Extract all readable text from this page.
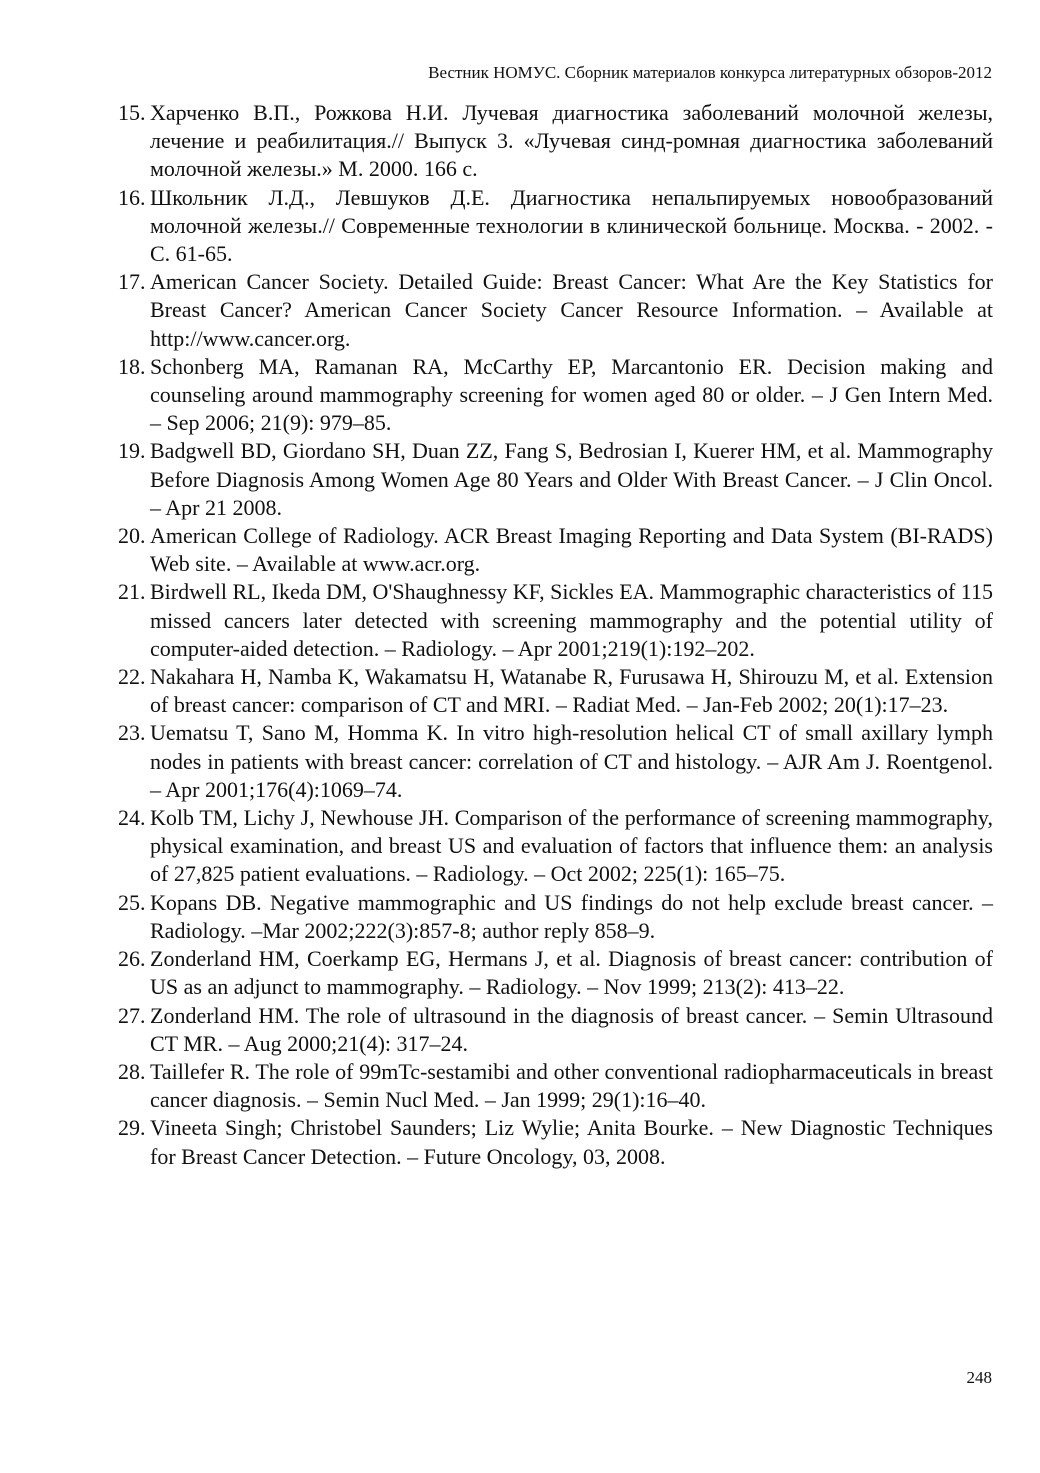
Вестник НОМУС. Сборник материалов конкурса литературных обзоров-2012
15. Харченко В.П., Рожкова Н.И. Лучевая диагностика заболеваний молочной железы, лечение и реабилитация.// Выпуск 3. «Лучевая синд-ромная диагностика заболеваний молочной железы.» М. 2000. 166 с.
16. Школьник Л.Д., Левшуков Д.Е. Диагностика непальпируемых новообразований молочной железы.// Современные технологии в клинической больнице. Москва. - 2002. - С. 61-65.
17. American Cancer Society. Detailed Guide: Breast Cancer: What Are the Key Statistics for Breast Cancer? American Cancer Society Cancer Resource Information. – Available at http://www.cancer.org.
18. Schonberg MA, Ramanan RA, McCarthy EP, Marcantonio ER. Decision making and counseling around mammography screening for women aged 80 or older. – J Gen Intern Med. – Sep 2006; 21(9): 979–85.
19. Badgwell BD, Giordano SH, Duan ZZ, Fang S, Bedrosian I, Kuerer HM, et al. Mammography Before Diagnosis Among Women Age 80 Years and Older With Breast Cancer. – J Clin Oncol. – Apr 21 2008.
20. American College of Radiology. ACR Breast Imaging Reporting and Data System (BI-RADS) Web site. – Available at www.acr.org.
21. Birdwell RL, Ikeda DM, O'Shaughnessy KF, Sickles EA. Mammographic characteristics of 115 missed cancers later detected with screening mammography and the potential utility of computer-aided detection. – Radiology. – Apr 2001;219(1):192–202.
22. Nakahara H, Namba K, Wakamatsu H, Watanabe R, Furusawa H, Shirouzu M, et al. Extension of breast cancer: comparison of CT and MRI. – Radiat Med. – Jan-Feb 2002; 20(1):17–23.
23. Uematsu T, Sano M, Homma K. In vitro high-resolution helical CT of small axillary lymph nodes in patients with breast cancer: correlation of CT and histology. – AJR Am J. Roentgenol. – Apr 2001;176(4):1069–74.
24. Kolb TM, Lichy J, Newhouse JH. Comparison of the performance of screening mammography, physical examination, and breast US and evaluation of factors that influence them: an analysis of 27,825 patient evaluations. – Radiology. – Oct 2002; 225(1): 165–75.
25. Kopans DB. Negative mammographic and US findings do not help exclude breast cancer. –Radiology. –Mar 2002;222(3):857-8; author reply 858–9.
26. Zonderland HM, Coerkamp EG, Hermans J, et al. Diagnosis of breast cancer: contribution of US as an adjunct to mammography. – Radiology. – Nov 1999; 213(2): 413–22.
27. Zonderland HM. The role of ultrasound in the diagnosis of breast cancer. – Semin Ultrasound CT MR. – Aug 2000;21(4): 317–24.
28. Taillefer R. The role of 99mTc-sestamibi and other conventional radiopharmaceuticals in breast cancer diagnosis. – Semin Nucl Med. – Jan 1999; 29(1):16–40.
29. Vineeta Singh; Christobel Saunders; Liz Wylie; Anita Bourke. – New Diagnostic Techniques for Breast Cancer Detection. – Future Oncology, 03, 2008.
248
